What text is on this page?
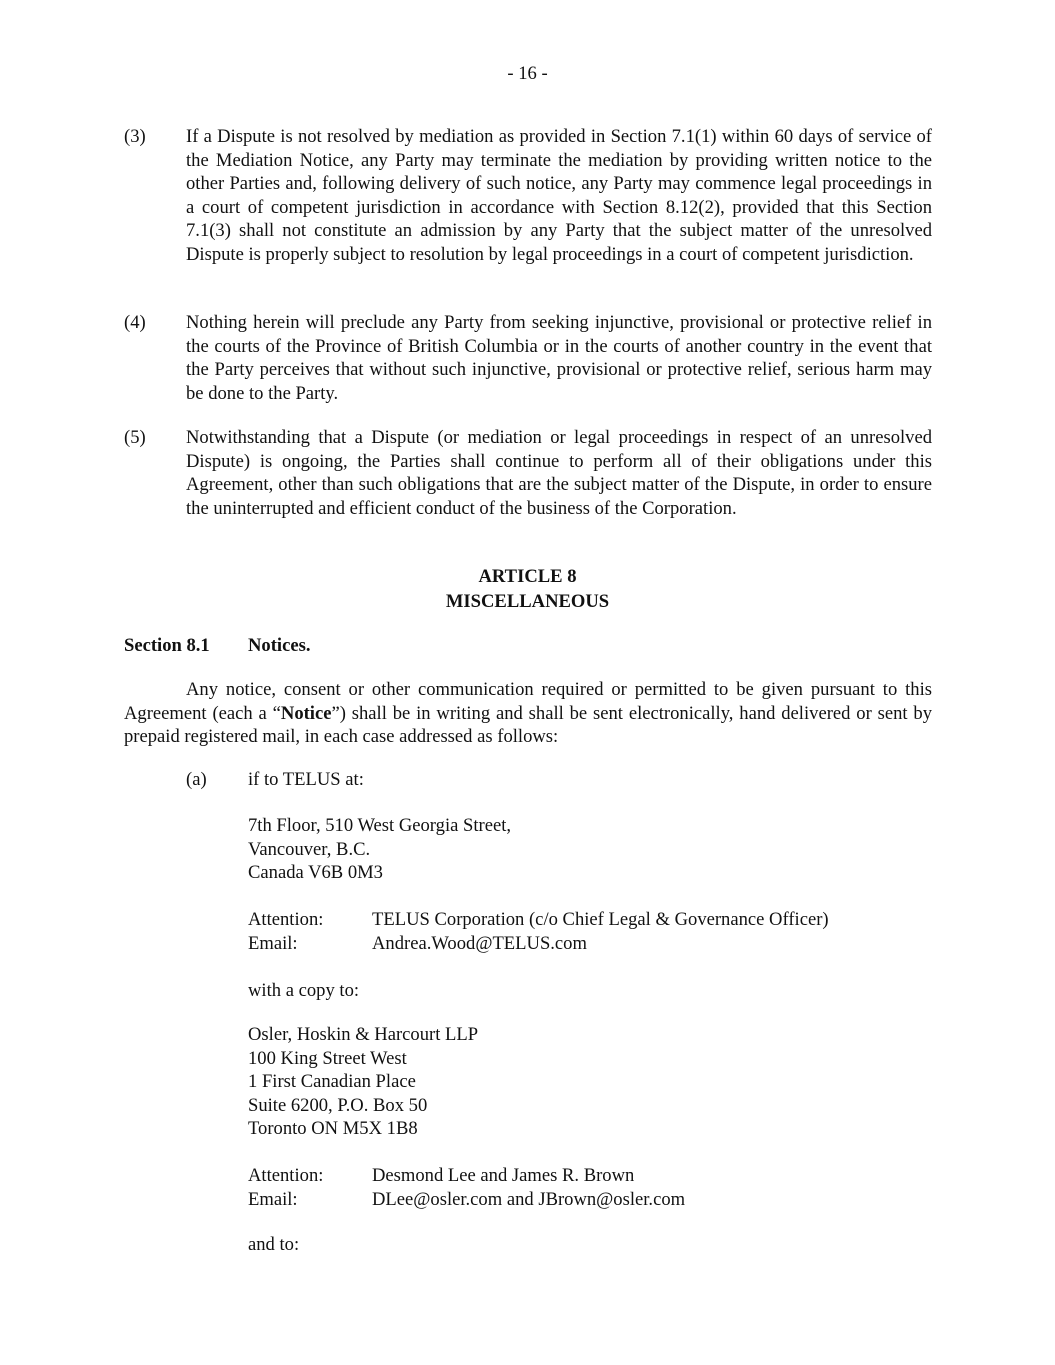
- 16 -
(3) If a Dispute is not resolved by mediation as provided in Section 7.1(1) within 60 days of service of the Mediation Notice, any Party may terminate the mediation by providing written notice to the other Parties and, following delivery of such notice, any Party may commence legal proceedings in a court of competent jurisdiction in accordance with Section 8.12(2), provided that this Section 7.1(3) shall not constitute an admission by any Party that the subject matter of the unresolved Dispute is properly subject to resolution by legal proceedings in a court of competent jurisdiction.
(4) Nothing herein will preclude any Party from seeking injunctive, provisional or protective relief in the courts of the Province of British Columbia or in the courts of another country in the event that the Party perceives that without such injunctive, provisional or protective relief, serious harm may be done to the Party.
(5) Notwithstanding that a Dispute (or mediation or legal proceedings in respect of an unresolved Dispute) is ongoing, the Parties shall continue to perform all of their obligations under this Agreement, other than such obligations that are the subject matter of the Dispute, in order to ensure the uninterrupted and efficient conduct of the business of the Corporation.
ARTICLE 8
MISCELLANEOUS
Section 8.1 Notices.
Any notice, consent or other communication required or permitted to be given pursuant to this Agreement (each a “Notice”) shall be in writing and shall be sent electronically, hand delivered or sent by prepaid registered mail, in each case addressed as follows:
(a) if to TELUS at:
7th Floor, 510 West Georgia Street,
Vancouver, B.C.
Canada V6B 0M3
Attention:	TELUS Corporation (c/o Chief Legal & Governance Officer)
Email:	Andrea.Wood@TELUS.com
with a copy to:
Osler, Hoskin & Harcourt LLP
100 King Street West
1 First Canadian Place
Suite 6200, P.O. Box 50
Toronto ON M5X 1B8
Attention:	Desmond Lee and James R. Brown
Email:	DLee@osler.com and JBrown@osler.com
and to:
